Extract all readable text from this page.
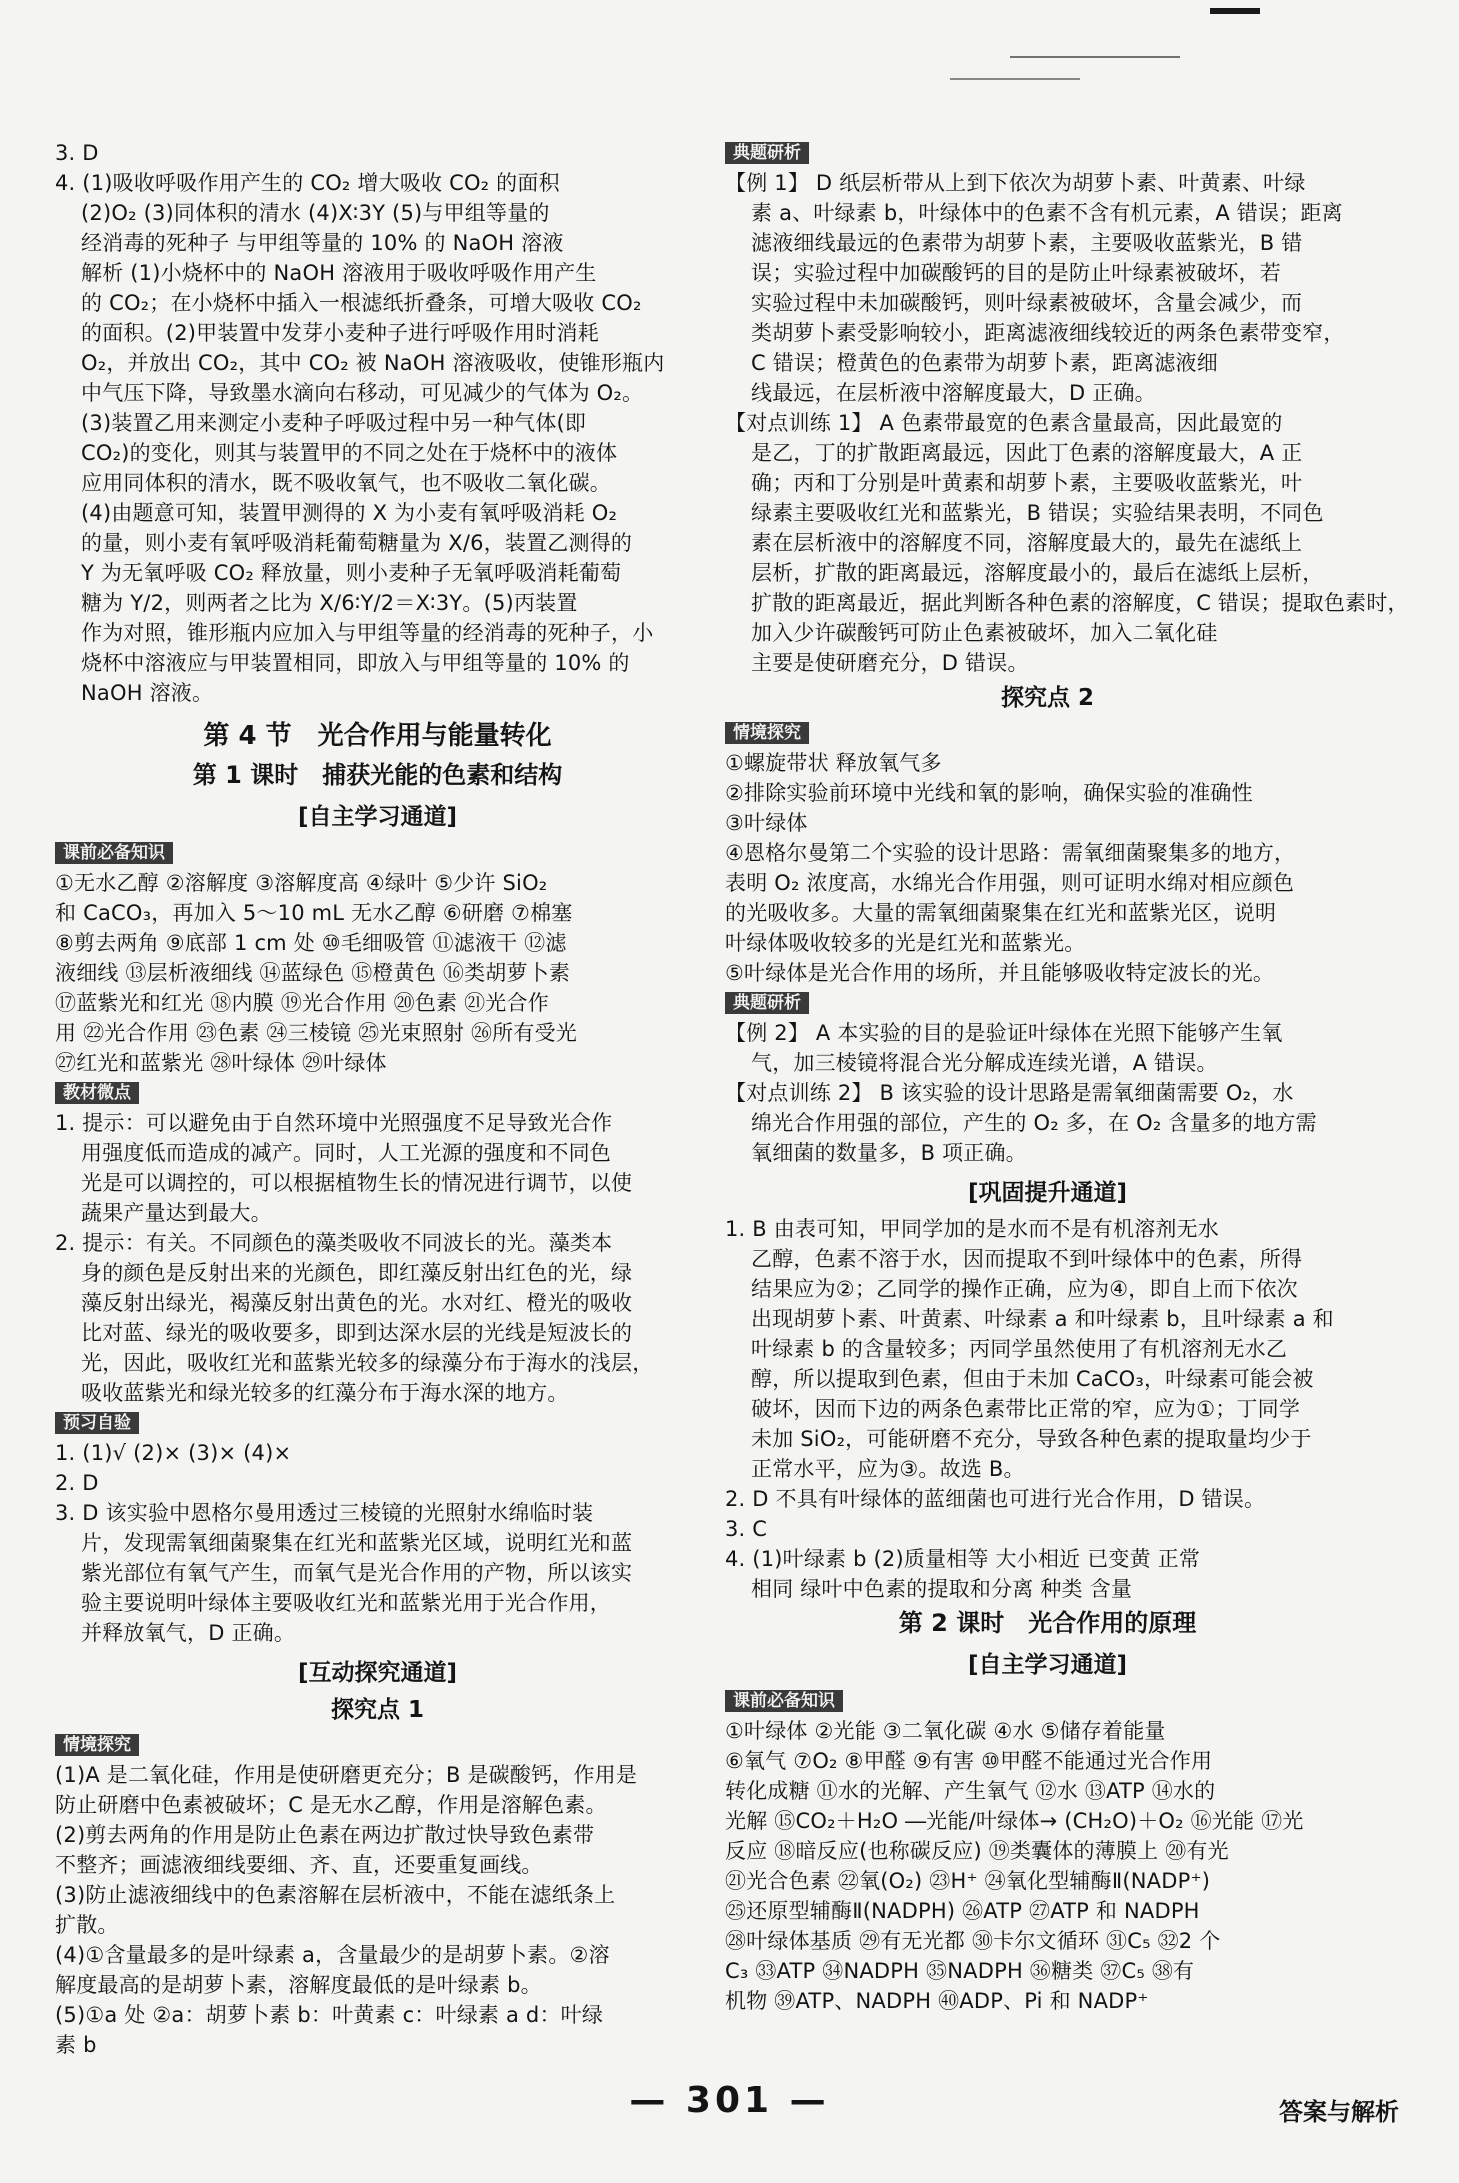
3. D

4. (1)吸收呼吸作用产生的 CO₂ 增大吸收 CO₂ 的面积

(2)O₂ (3)同体积的清水 (4)X∶3Y (5)与甲组等量的

经消毒的死种子 与甲组等量的 10% 的 NaOH 溶液

解析 (1)小烧杯中的 NaOH 溶液用于吸收呼吸作用产生

的 CO₂；在小烧杯中插入一根滤纸折叠条，可增大吸收 CO₂

的面积。(2)甲装置中发芽小麦种子进行呼吸作用时消耗

O₂，并放出 CO₂，其中 CO₂ 被 NaOH 溶液吸收，使锥形瓶内

中气压下降，导致墨水滴向右移动，可见减少的气体为 O₂。

(3)装置乙用来测定小麦种子呼吸过程中另一种气体(即

CO₂)的变化，则其与装置甲的不同之处在于烧杯中的液体

应用同体积的清水，既不吸收氧气，也不吸收二氧化碳。

(4)由题意可知，装置甲测得的 X 为小麦有氧呼吸消耗 O₂

的量，则小麦有氧呼吸消耗葡萄糖量为 X/6，装置乙测得的

Y 为无氧呼吸 CO₂ 释放量，则小麦种子无氧呼吸消耗葡萄

糖为 Y/2，则两者之比为 X/6∶Y/2＝X∶3Y。(5)丙装置

作为对照，锥形瓶内应加入与甲组等量的经消毒的死种子，小

烧杯中溶液应与甲装置相同，即放入与甲组等量的 10% 的

NaOH 溶液。

第 4 节　光合作用与能量转化
第 1 课时　捕获光能的色素和结构
[自主学习通道]
课前必备知识

①无水乙醇 ②溶解度 ③溶解度高 ④绿叶 ⑤少许 SiO₂

和 CaCO₃，再加入 5～10 mL 无水乙醇 ⑥研磨 ⑦棉塞

⑧剪去两角 ⑨底部 1 cm 处 ⑩毛细吸管 ⑪滤液干 ⑫滤

液细线 ⑬层析液细线 ⑭蓝绿色 ⑮橙黄色 ⑯类胡萝卜素

⑰蓝紫光和红光 ⑱内膜 ⑲光合作用 ⑳色素 ㉑光合作

用 ㉒光合作用 ㉓色素 ㉔三棱镜 ㉕光束照射 ㉖所有受光

㉗红光和蓝紫光 ㉘叶绿体 ㉙叶绿体

教材微点

1. 提示：可以避免由于自然环境中光照强度不足导致光合作

用强度低而造成的减产。同时，人工光源的强度和不同色

光是可以调控的，可以根据植物生长的情况进行调节，以使

蔬果产量达到最大。

2. 提示：有关。不同颜色的藻类吸收不同波长的光。藻类本

身的颜色是反射出来的光颜色，即红藻反射出红色的光，绿

藻反射出绿光，褐藻反射出黄色的光。水对红、橙光的吸收

比对蓝、绿光的吸收要多，即到达深水层的光线是短波长的

光，因此，吸收红光和蓝紫光较多的绿藻分布于海水的浅层，

吸收蓝紫光和绿光较多的红藻分布于海水深的地方。

预习自验

1. (1)√ (2)× (3)× (4)×

2. D

3. D 该实验中恩格尔曼用透过三棱镜的光照射水绵临时装

片，发现需氧细菌聚集在红光和蓝紫光区域，说明红光和蓝

紫光部位有氧气产生，而氧气是光合作用的产物，所以该实

验主要说明叶绿体主要吸收红光和蓝紫光用于光合作用，

并释放氧气，D 正确。

[互动探究通道]
探究点 1
情境探究

(1)A 是二氧化硅，作用是使研磨更充分；B 是碳酸钙，作用是

防止研磨中色素被破坏；C 是无水乙醇，作用是溶解色素。

(2)剪去两角的作用是防止色素在两边扩散过快导致色素带

不整齐；画滤液细线要细、齐、直，还要重复画线。

(3)防止滤液细线中的色素溶解在层析液中，不能在滤纸条上

扩散。

(4)①含量最多的是叶绿素 a，含量最少的是胡萝卜素。②溶

解度最高的是胡萝卜素，溶解度最低的是叶绿素 b。

(5)①a 处 ②a：胡萝卜素 b：叶黄素 c：叶绿素 a d：叶绿

素 b

典题研析

【例 1】 D 纸层析带从上到下依次为胡萝卜素、叶黄素、叶绿

素 a、叶绿素 b，叶绿体中的色素不含有机元素，A 错误；距离

滤液细线最远的色素带为胡萝卜素，主要吸收蓝紫光，B 错

误；实验过程中加碳酸钙的目的是防止叶绿素被破坏，若

实验过程中未加碳酸钙，则叶绿素被破坏，含量会减少，而

类胡萝卜素受影响较小，距离滤液细线较近的两条色素带变窄，

C 错误；橙黄色的色素带为胡萝卜素，距离滤液细

线最远，在层析液中溶解度最大，D 正确。

【对点训练 1】 A 色素带最宽的色素含量最高，因此最宽的

是乙，丁的扩散距离最远，因此丁色素的溶解度最大，A 正

确；丙和丁分别是叶黄素和胡萝卜素，主要吸收蓝紫光，叶

绿素主要吸收红光和蓝紫光，B 错误；实验结果表明，不同色

素在层析液中的溶解度不同，溶解度最大的，最先在滤纸上

层析，扩散的距离最远，溶解度最小的，最后在滤纸上层析，

扩散的距离最近，据此判断各种色素的溶解度，C 错误；提取色素时，

加入少许碳酸钙可防止色素被破坏，加入二氧化硅

主要是使研磨充分，D 错误。

探究点 2
情境探究

①螺旋带状 释放氧气多

②排除实验前环境中光线和氧的影响，确保实验的准确性

③叶绿体

④恩格尔曼第二个实验的设计思路：需氧细菌聚集多的地方，

表明 O₂ 浓度高，水绵光合作用强，则可证明水绵对相应颜色

的光吸收多。大量的需氧细菌聚集在红光和蓝紫光区，说明

叶绿体吸收较多的光是红光和蓝紫光。

⑤叶绿体是光合作用的场所，并且能够吸收特定波长的光。

典题研析

【例 2】 A 本实验的目的是验证叶绿体在光照下能够产生氧

气，加三棱镜将混合光分解成连续光谱，A 错误。

【对点训练 2】 B 该实验的设计思路是需氧细菌需要 O₂，水

绵光合作用强的部位，产生的 O₂ 多，在 O₂ 含量多的地方需

氧细菌的数量多，B 项正确。

[巩固提升通道]

1. B 由表可知，甲同学加的是水而不是有机溶剂无水

乙醇，色素不溶于水，因而提取不到叶绿体中的色素，所得

结果应为②；乙同学的操作正确，应为④，即自上而下依次

出现胡萝卜素、叶黄素、叶绿素 a 和叶绿素 b，且叶绿素 a 和

叶绿素 b 的含量较多；丙同学虽然使用了有机溶剂无水乙

醇，所以提取到色素，但由于未加 CaCO₃，叶绿素可能会被

破坏，因而下边的两条色素带比正常的窄，应为①；丁同学

未加 SiO₂，可能研磨不充分，导致各种色素的提取量均少于

正常水平，应为③。故选 B。

2. D 不具有叶绿体的蓝细菌也可进行光合作用，D 错误。

3. C

4. (1)叶绿素 b (2)质量相等 大小相近 已变黄 正常

相同 绿叶中色素的提取和分离 种类 含量

第 2 课时　光合作用的原理
[自主学习通道]
课前必备知识

①叶绿体 ②光能 ③二氧化碳 ④水 ⑤储存着能量

⑥氧气 ⑦O₂ ⑧甲醛 ⑨有害 ⑩甲醛不能通过光合作用

转化成糖 ⑪水的光解、产生氧气 ⑫水 ⑬ATP ⑭水的

光解 ⑮CO₂＋H₂O ―光能/叶绿体→ (CH₂O)＋O₂ ⑯光能 ⑰光

反应 ⑱暗反应(也称碳反应) ⑲类囊体的薄膜上 ⑳有光

㉑光合色素 ㉒氧(O₂) ㉓H⁺ ㉔氧化型辅酶Ⅱ(NADP⁺)

㉕还原型辅酶Ⅱ(NADPH) ㉖ATP ㉗ATP 和 NADPH

㉘叶绿体基质 ㉙有无光都 ㉚卡尔文循环 ㉛C₅ ㉜2 个

C₃ ㉝ATP ㉞NADPH ㉟NADPH ㊱糖类 ㊲C₅ ㊳有

机物 ㊴ATP、NADPH ㊵ADP、Pi 和 NADP⁺

— 301 —	答案与解析
